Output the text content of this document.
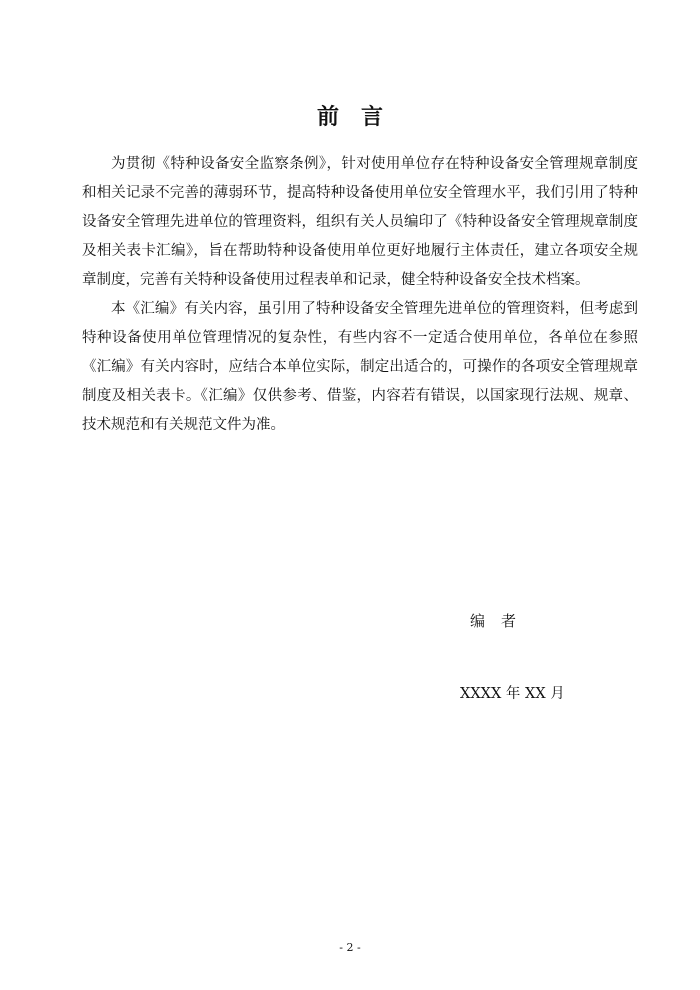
前言

为贯彻《特种设备安全监察条例》，针对使用单位存在特种设备安全管理规章制度和相关记录不完善的薄弱环节，提高特种设备使用单位安全管理水平，我们引用了特种设备安全管理先进单位的管理资料，组织有关人员编印了《特种设备安全管理规章制度及相关表卡汇编》，旨在帮助特种设备使用单位更好地履行主体责任，建立各项安全规章制度，完善有关特种设备使用过程表单和记录，健全特种设备安全技术档案。

本《汇编》有关内容，虽引用了特种设备安全管理先进单位的管理资料，但考虑到特种设备使用单位管理情况的复杂性，有些内容不一定适合使用单位，各单位在参照《汇编》有关内容时，应结合本单位实际，制定出适合的，可操作的各项安全管理规章制度及相关表卡。《汇编》仅供参考、借鉴，内容若有错误，以国家现行法规、规章、技术规范和有关规范文件为准。

编者
XXXX 年 XX 月
- 2 -
